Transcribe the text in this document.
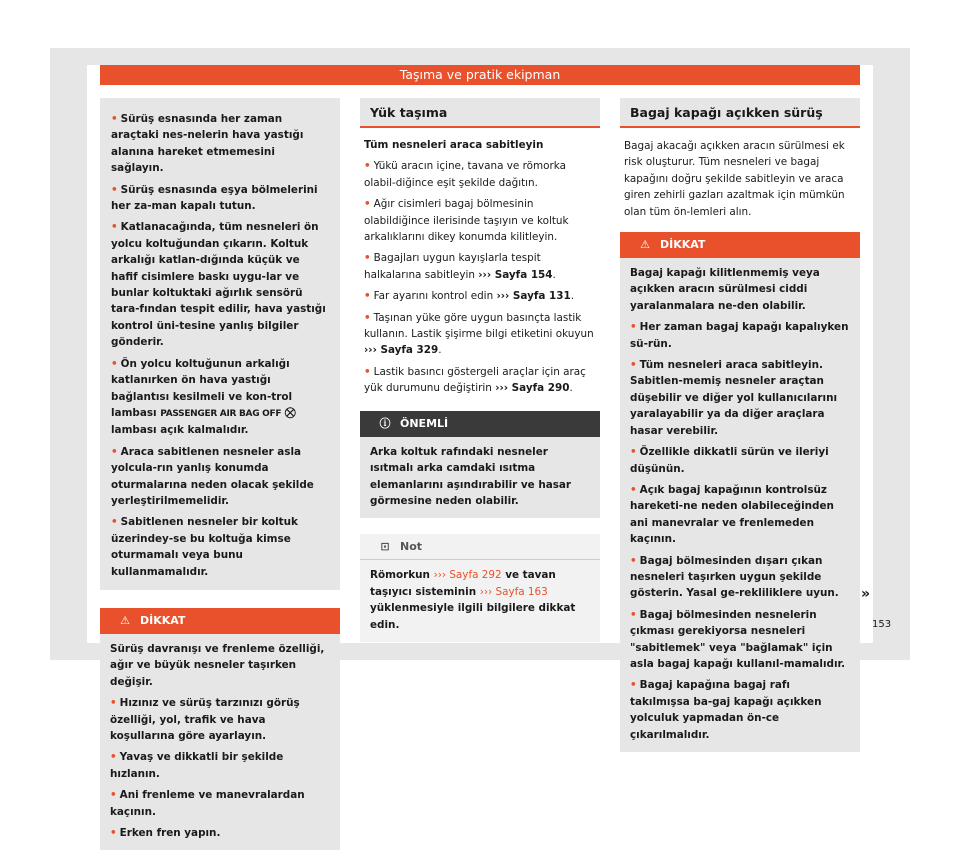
Taşıma ve pratik ekipman
• Sürüş esnasında her zaman araçtaki nes-nelerin hava yastığı alanına hareket etmemesini sağlayın.
• Sürüş esnasında eşya bölmelerini her za-man kapalı tutun.
• Katlanacağında, tüm nesneleri ön yolcu koltuğundan çıkarın. Koltuk arkalığı katlan-dığında küçük ve hafif cisimlere baskı uygu-lar ve bunlar koltuktaki ağırlık sensörü tara-fından tespit edilir, hava yastığı kontrol üni-tesine yanlış bilgiler gönderir.
• Ön yolcu koltuğunun arkalığı katlanırken ön hava yastığı bağlantısı kesilmeli ve kon-trol lambası PASSENGER AIR BAG OFF ⛒ lambası açık kalmalıdır.
• Araca sabitlenen nesneler asla yolcula-rın yanlış konumda oturmalarına neden olacak şekilde yerleştirilmemelidir.
• Sabitlenen nesneler bir koltuk üzerindey-se bu koltuğa kimse oturmamalı veya bunu kullanmamalıdır.
⚠ DİKKAT
Sürüş davranışı ve frenleme özelliği, ağır ve büyük nesneler taşırken değişir.
• Hızınız ve sürüş tarzınızı görüş özelliği, yol, trafik ve hava koşullarına göre ayarlayın.
• Yavaş ve dikkatli bir şekilde hızlanın.
• Ani frenleme ve manevralardan kaçının.
• Erken fren yapın.
Yük taşıma
Tüm nesneleri araca sabitleyin
• Yükü aracın içine, tavana ve römorka olabil-diğince eşit şekilde dağıtın.
• Ağır cisimleri bagaj bölmesinin olabildiğince ilerisinde taşıyın ve koltuk arkalıklarını dikey konumda kilitleyin.
• Bagajları uygun kayışlarla tespit halkalarına sabitleyin ››› Sayfa 154.
• Far ayarını kontrol edin ››› Sayfa 131.
• Taşınan yüke göre uygun basınçta lastik kullanın. Lastik şişirme bilgi etiketini okuyun ››› Sayfa 329.
• Lastik basıncı göstergeli araçlar için araç yük durumunu değiştirin ››› Sayfa 290.
ⓘ ÖNEMLİ
Arka koltuk rafındaki nesneler ısıtmalı arka camdaki ısıtma elemanlarını aşındırabilir ve hasar görmesine neden olabilir.
⊡ Not
Römorkun ››› Sayfa 292 ve tavan taşıyıcı sisteminin ››› Sayfa 163 yüklenmesiyle ilgili bilgilere dikkat edin.
Bagaj kapağı açıkken sürüş
Bagaj akacağı açıkken aracın sürülmesi ek risk oluşturur. Tüm nesneleri ve bagaj kapağını doğru şekilde sabitleyin ve araca giren zehirli gazları azaltmak için mümkün olan tüm ön-lemleri alın.
⚠ DİKKAT
Bagaj kapağı kilitlenmemiş veya açıkken aracın sürülmesi ciddi yaralanmalara ne-den olabilir.
• Her zaman bagaj kapağı kapalıyken sü-rün.
• Tüm nesneleri araca sabitleyin. Sabitlen-memiş nesneler araçtan düşebilir ve diğer yol kullanıcılarını yaralayabilir ya da diğer araçlara hasar verebilir.
• Özellikle dikkatli sürün ve ileriyi düşünün.
• Açık bagaj kapağının kontrolsüz hareketi-ne neden olabileceğinden ani manevralar ve frenlemeden kaçının.
• Bagaj bölmesinden dışarı çıkan nesneleri taşırken uygun şekilde gösterin. Yasal ge-rekliliklere uyun.
• Bagaj bölmesinden nesnelerin çıkması gerekiyorsa nesneleri "sabitlemek" veya "bağlamak" için asla bagaj kapağı kullanıl-mamalıdır.
• Bagaj kapağına bagaj rafı takılmışsa ba-gaj kapağı açıkken yolculuk yapmadan ön-ce çıkarılmalıdır.
»
153
